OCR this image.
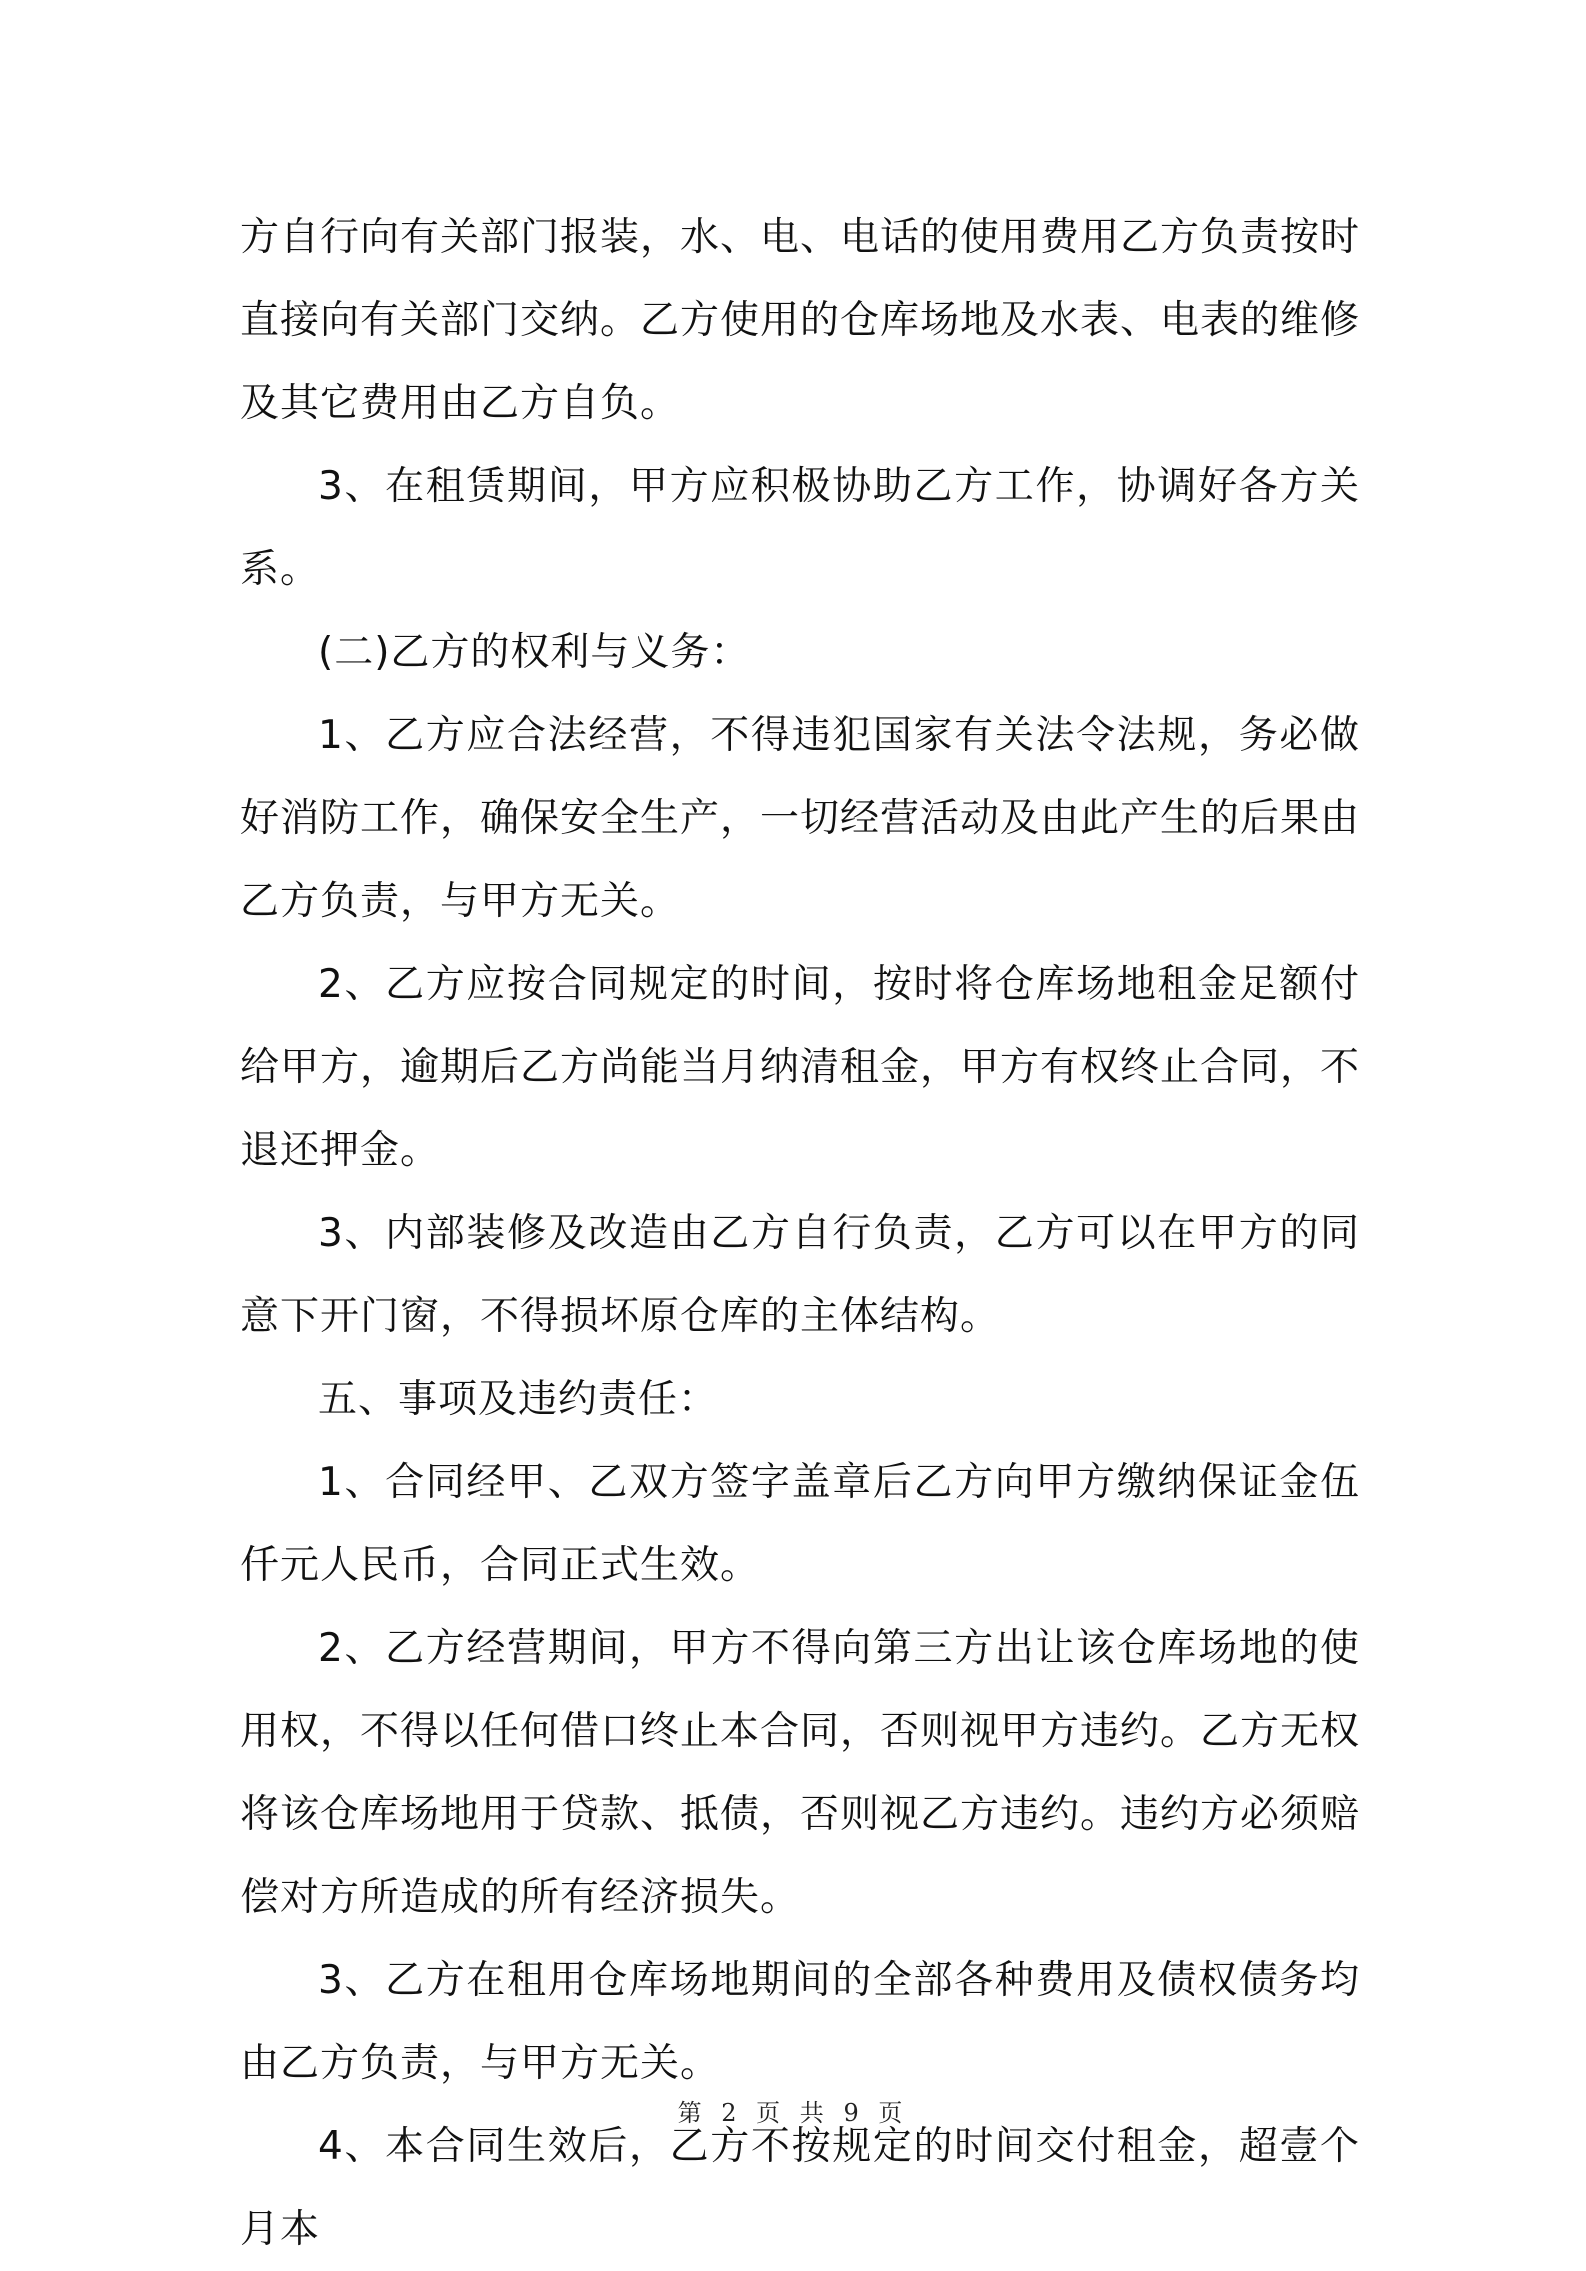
方自行向有关部门报装，水、电、电话的使用费用乙方负责按时直接向有关部门交纳。乙方使用的仓库场地及水表、电表的维修及其它费用由乙方自负。

3、在租赁期间，甲方应积极协助乙方工作，协调好各方关系。

(二)乙方的权利与义务：

1、乙方应合法经营，不得违犯国家有关法令法规，务必做好消防工作，确保安全生产，一切经营活动及由此产生的后果由乙方负责，与甲方无关。

2、乙方应按合同规定的时间，按时将仓库场地租金足额付给甲方，逾期后乙方尚能当月纳清租金，甲方有权终止合同，不退还押金。

3、内部装修及改造由乙方自行负责，乙方可以在甲方的同意下开门窗，不得损坏原仓库的主体结构。

五、事项及违约责任：

1、合同经甲、乙双方签字盖章后乙方向甲方缴纳保证金伍仟元人民币，合同正式生效。

2、乙方经营期间，甲方不得向第三方出让该仓库场地的使用权，不得以任何借口终止本合同，否则视甲方违约。乙方无权将该仓库场地用于贷款、抵债，否则视乙方违约。违约方必须赔偿对方所造成的所有经济损失。

3、乙方在租用仓库场地期间的全部各种费用及债权债务均由乙方负责，与甲方无关。

4、本合同生效后，乙方不按规定的时间交付租金，超壹个月本

第 2 页 共 9 页
